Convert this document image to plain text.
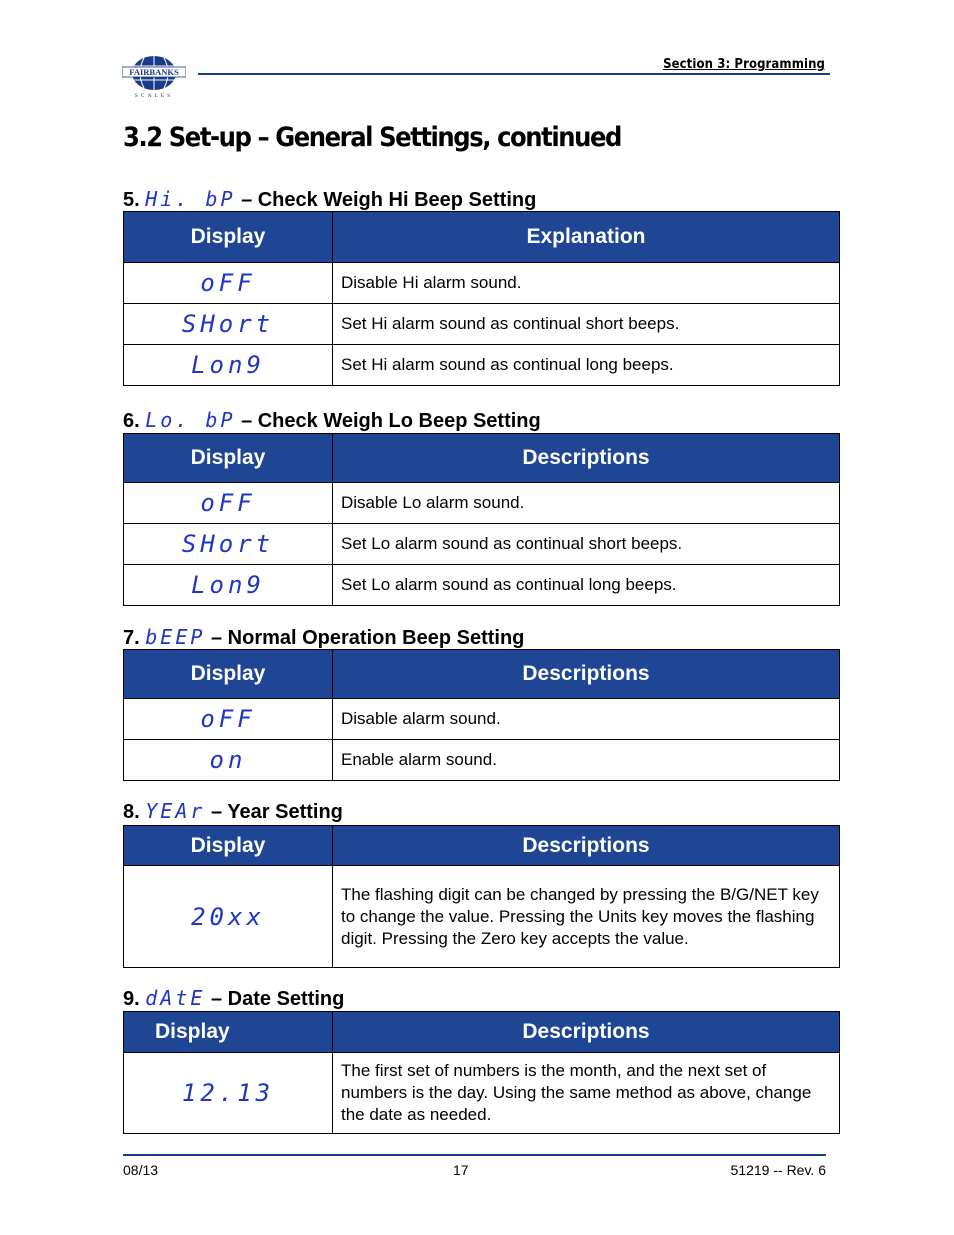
FAIRBANKS
SCALES
Section 3: Programming
3.2 Set-up – General Settings, continued
5. Hi. bP – Check Weigh Hi Beep Setting
Display	Explanation
oFF	Disable Hi alarm sound.
SHort	Set Hi alarm sound as continual short beeps.
Lon9	Set Hi alarm sound as continual long beeps.
6. Lo. bP – Check Weigh Lo Beep Setting
Display	Descriptions
oFF	Disable Lo alarm sound.
SHort	Set Lo alarm sound as continual short beeps.
Lon9	Set Lo alarm sound as continual long beeps.
7. bEEP – Normal Operation Beep Setting
Display	Descriptions
oFF	Disable alarm sound.
on	Enable alarm sound.
8. YEAr – Year Setting
Display	Descriptions
20xx	The flashing digit can be changed by pressing the B/G/NET key to change the value. Pressing the Units key moves the flashing digit. Pressing the Zero key accepts the value.
9. dAtE – Date Setting
Display	Descriptions
12.13	The first set of numbers is the month, and the next set of numbers is the day. Using the same method as above, change the date as needed.
08/13	17	51219 -- Rev. 6
